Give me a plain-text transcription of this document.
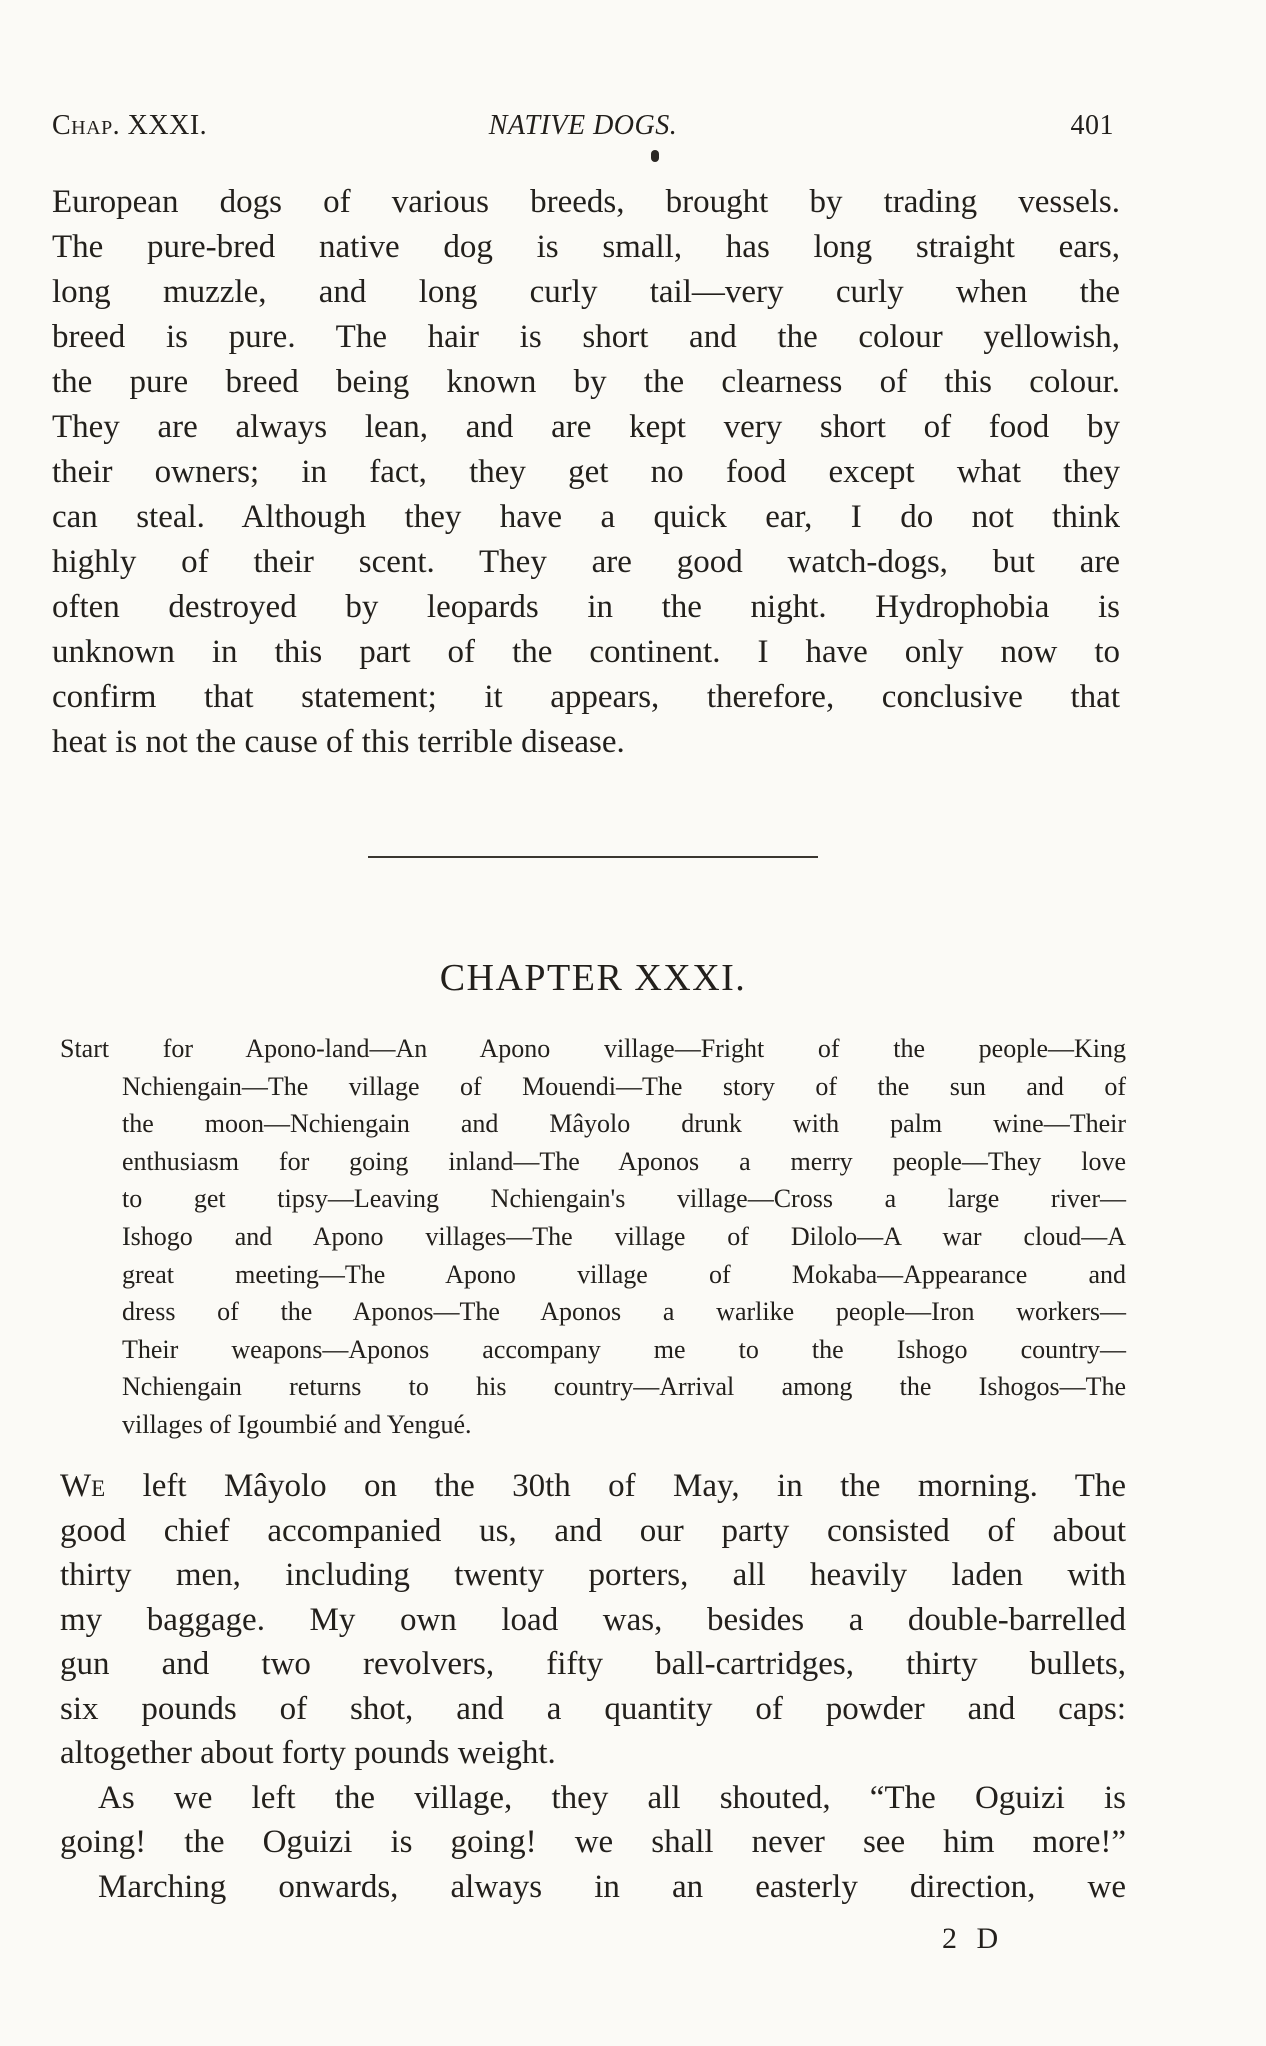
Chap. XXXI.	NATIVE DOGS.	401

European dogs of various breeds, brought by trading vessels.
The pure-bred native dog is small, has long straight ears,
long muzzle, and long curly tail—very curly when the
breed is pure. The hair is short and the colour yellowish,
the pure breed being known by the clearness of this colour.
They are always lean, and are kept very short of food by
their owners; in fact, they get no food except what they
can steal. Although they have a quick ear, I do not think
highly of their scent. They are good watch-dogs, but are
often destroyed by leopards in the night. Hydrophobia is
unknown in this part of the continent. I have only now to
confirm that statement; it appears, therefore, conclusive that
heat is not the cause of this terrible disease.

CHAPTER XXXI.

Start for Apono-land—An Apono village—Fright of the people—King
Nchiengain—The village of Mouendi—The story of the sun and of
the moon—Nchiengain and Mâyolo drunk with palm wine—Their
enthusiasm for going inland—The Aponos a merry people—They love
to get tipsy—Leaving Nchiengain's village—Cross a large river—
Ishogo and Apono villages—The village of Dilolo—A war cloud—A
great meeting—The Apono village of Mokaba—Appearance and
dress of the Aponos—The Aponos a warlike people—Iron workers—
Their weapons—Aponos accompany me to the Ishogo country—
Nchiengain returns to his country—Arrival among the Ishogos—The
villages of Igoumbié and Yengué.

We left Mâyolo on the 30th of May, in the morning. The
good chief accompanied us, and our party consisted of about
thirty men, including twenty porters, all heavily laden with
my baggage. My own load was, besides a double-barrelled
gun and two revolvers, fifty ball-cartridges, thirty bullets,
six pounds of shot, and a quantity of powder and caps:
altogether about forty pounds weight.
As we left the village, they all shouted, “The Oguizi is
going! the Oguizi is going! we shall never see him more!”
Marching onwards, always in an easterly direction, we

2 D
